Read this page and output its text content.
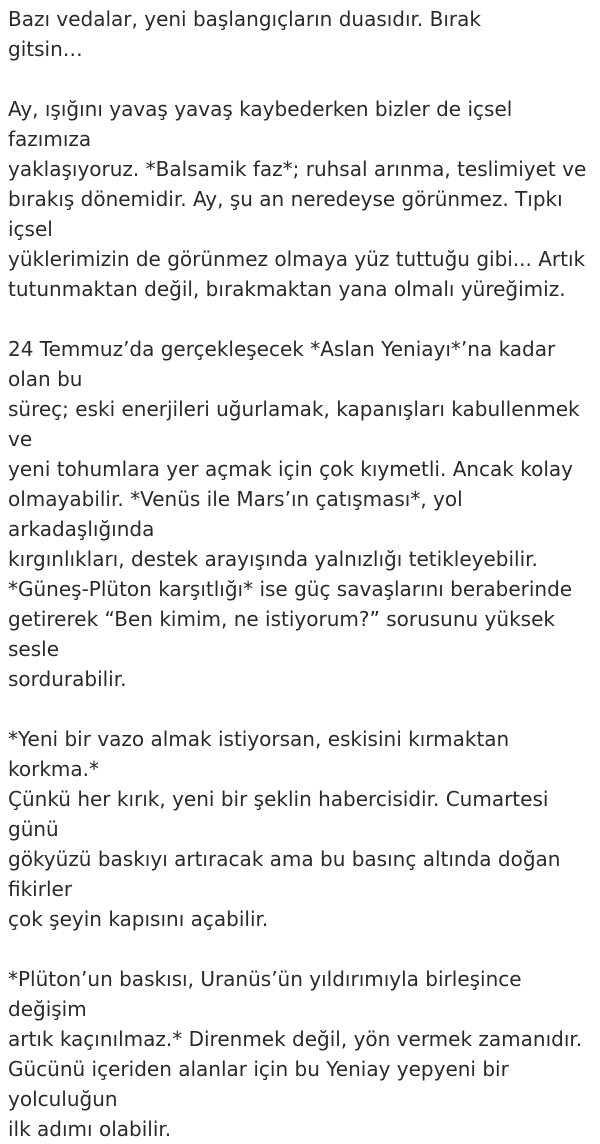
Bazı vedalar, yeni başlangıçların duasıdır. Bırak
gitsin…

Ay, ışığını yavaş yavaş kaybederken bizler de içsel fazımıza
yaklaşıyoruz. *Balsamik faz*; ruhsal arınma, teslimiyet ve
bırakış dönemidir. Ay, şu an neredeyse görünmez. Tıpkı içsel
yüklerimizin de görünmez olmaya yüz tuttuğu gibi... Artık
tutunmaktan değil, bırakmaktan yana olmalı yüreğimiz.

24 Temmuz’da gerçekleşecek *Aslan Yeniayı*’na kadar olan bu
süreç; eski enerjileri uğurlamak, kapanışları kabullenmek ve
yeni tohumlara yer açmak için çok kıymetli. Ancak kolay
olmayabilir. *Venüs ile Mars’ın çatışması*, yol arkadaşlığında
kırgınlıkları, destek arayışında yalnızlığı tetikleyebilir.
*Güneş-Plüton karşıtlığı* ise güç savaşlarını beraberinde
getirerek “Ben kimim, ne istiyorum?” sorusunu yüksek sesle
sordurabilir.

*Yeni bir vazo almak istiyorsan, eskisini kırmaktan korkma.*
Çünkü her kırık, yeni bir şeklin habercisidir. Cumartesi günü
gökyüzü baskıyı artıracak ama bu basınç altında doğan fikirler
çok şeyin kapısını açabilir.

*Plüton’un baskısı, Uranüs’ün yıldırımıyla birleşince değişim
artık kaçınılmaz.* Direnmek değil, yön vermek zamanıdır.
Gücünü içeriden alanlar için bu Yeniay yepyeni bir yolculuğun
ilk adımı olabilir.
